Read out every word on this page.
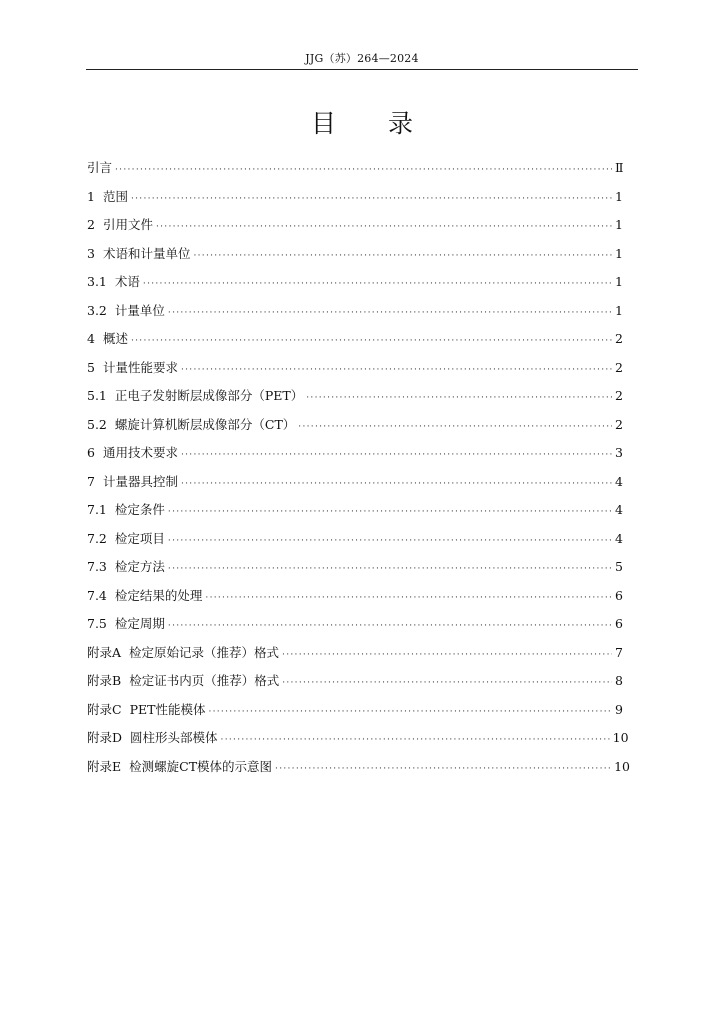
JJG（苏）264—2024
目 录
引言 ·····	Ⅱ
1 范围 ·····	1
2 引用文件 ·····	1
3 术语和计量单位 ·····	1
3.1 术语 ·····	1
3.2 计量单位 ·····	1
4 概述 ·····	2
5 计量性能要求 ·····	2
5.1 正电子发射断层成像部分（PET） ·····	2
5.2 螺旋计算机断层成像部分（CT） ·····	2
6 通用技术要求 ·····	3
7 计量器具控制 ·····	4
7.1 检定条件 ·····	4
7.2 检定项目 ·····	4
7.3 检定方法 ·····	5
7.4 检定结果的处理 ·····	6
7.5 检定周期 ·····	6
附录A 检定原始记录（推荐）格式 ·····	7
附录B 检定证书内页（推荐）格式 ·····	8
附录C PET性能模体 ·····	9
附录D 圆柱形头部模体 ·····	10
附录E 检测螺旋CT模体的示意图 ·····	10
